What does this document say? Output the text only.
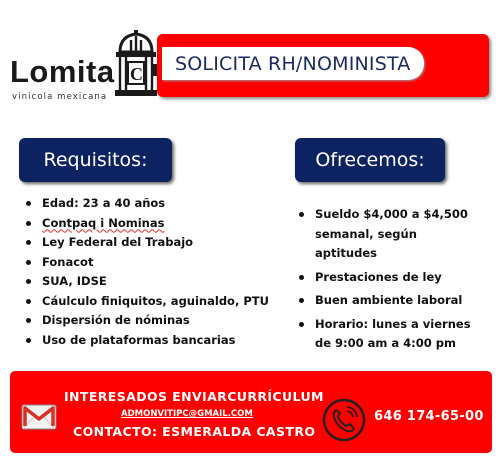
Lomita
vinícola mexicana
C	SOLICITA RH/NOMINISTA
Requisitos:	Ofrecemos:
Edad: 23 a 40 años
Contpaq i Nominas
Ley Federal del Trabajo
Fonacot
SUA, IDSE
Cáulculo finiquitos, aguinaldo, PTU
Dispersión de nóminas
Uso de plataformas bancarias
Sueldo $4,000 a $4,500 semanal, según aptitudes
Prestaciones de ley
Buen ambiente laboral
Horario: lunes a viernes de 9:00 am a 4:00 pm
INTERESADOS ENVIARCURRÍCULUM
ADMONVITIPC@GMAIL.COM
CONTACTO: ESMERALDA CASTRO
646 174-65-00
